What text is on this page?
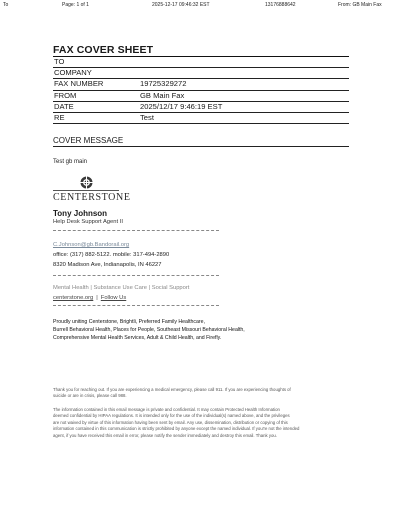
To	Page: 1 of 1	2025-12-17 09:46:32 EST	13176888642	From: GB Main Fax
FAX COVER SHEET
TO	
COMPANY	
FAX NUMBER	19725329272
FROM	GB Main Fax
DATE	2025/12/17 9:46:19 EST
RE	Test
COVER MESSAGE
Test gb main
CENTERSTONE
Tony Johnson
Help Desk Support Agent II
C.Johnson@gb.Bandorail.org
office: (317) 882-5122. mobile: 317-494-2890
8320 Madison Ave, Indianapolis, IN 46227
Mental Health | Substance Use Care | Social Support
centerstone.org | Follow Us
Proudly uniting Centerstone, Brightli, Preferred Family Healthcare,
Burrell Behavioral Health, Places for People, Southeast Missouri Behavioral Health,
Comprehensive Mental Health Services, Adult & Child Health, and Firefly.
Thank you for reaching out. If you are experiencing a medical emergency, please call 911. If you are experiencing thoughts of
suicide or are in crisis, please call 988.
The information contained in this email message is private and confidential. It may contain Protected Health Information
deemed confidential by HIPAA regulations. It is intended only for the use of the individual(s) named above, and the privileges
are not waived by virtue of this information having been sent by email. Any use, dissemination, distribution or copying of this
information contained in this communication is strictly prohibited by anyone except the named individual. If you're not the intended
agent, if you have received this email in error, please notify the sender immediately and destroy this email. Thank you.
